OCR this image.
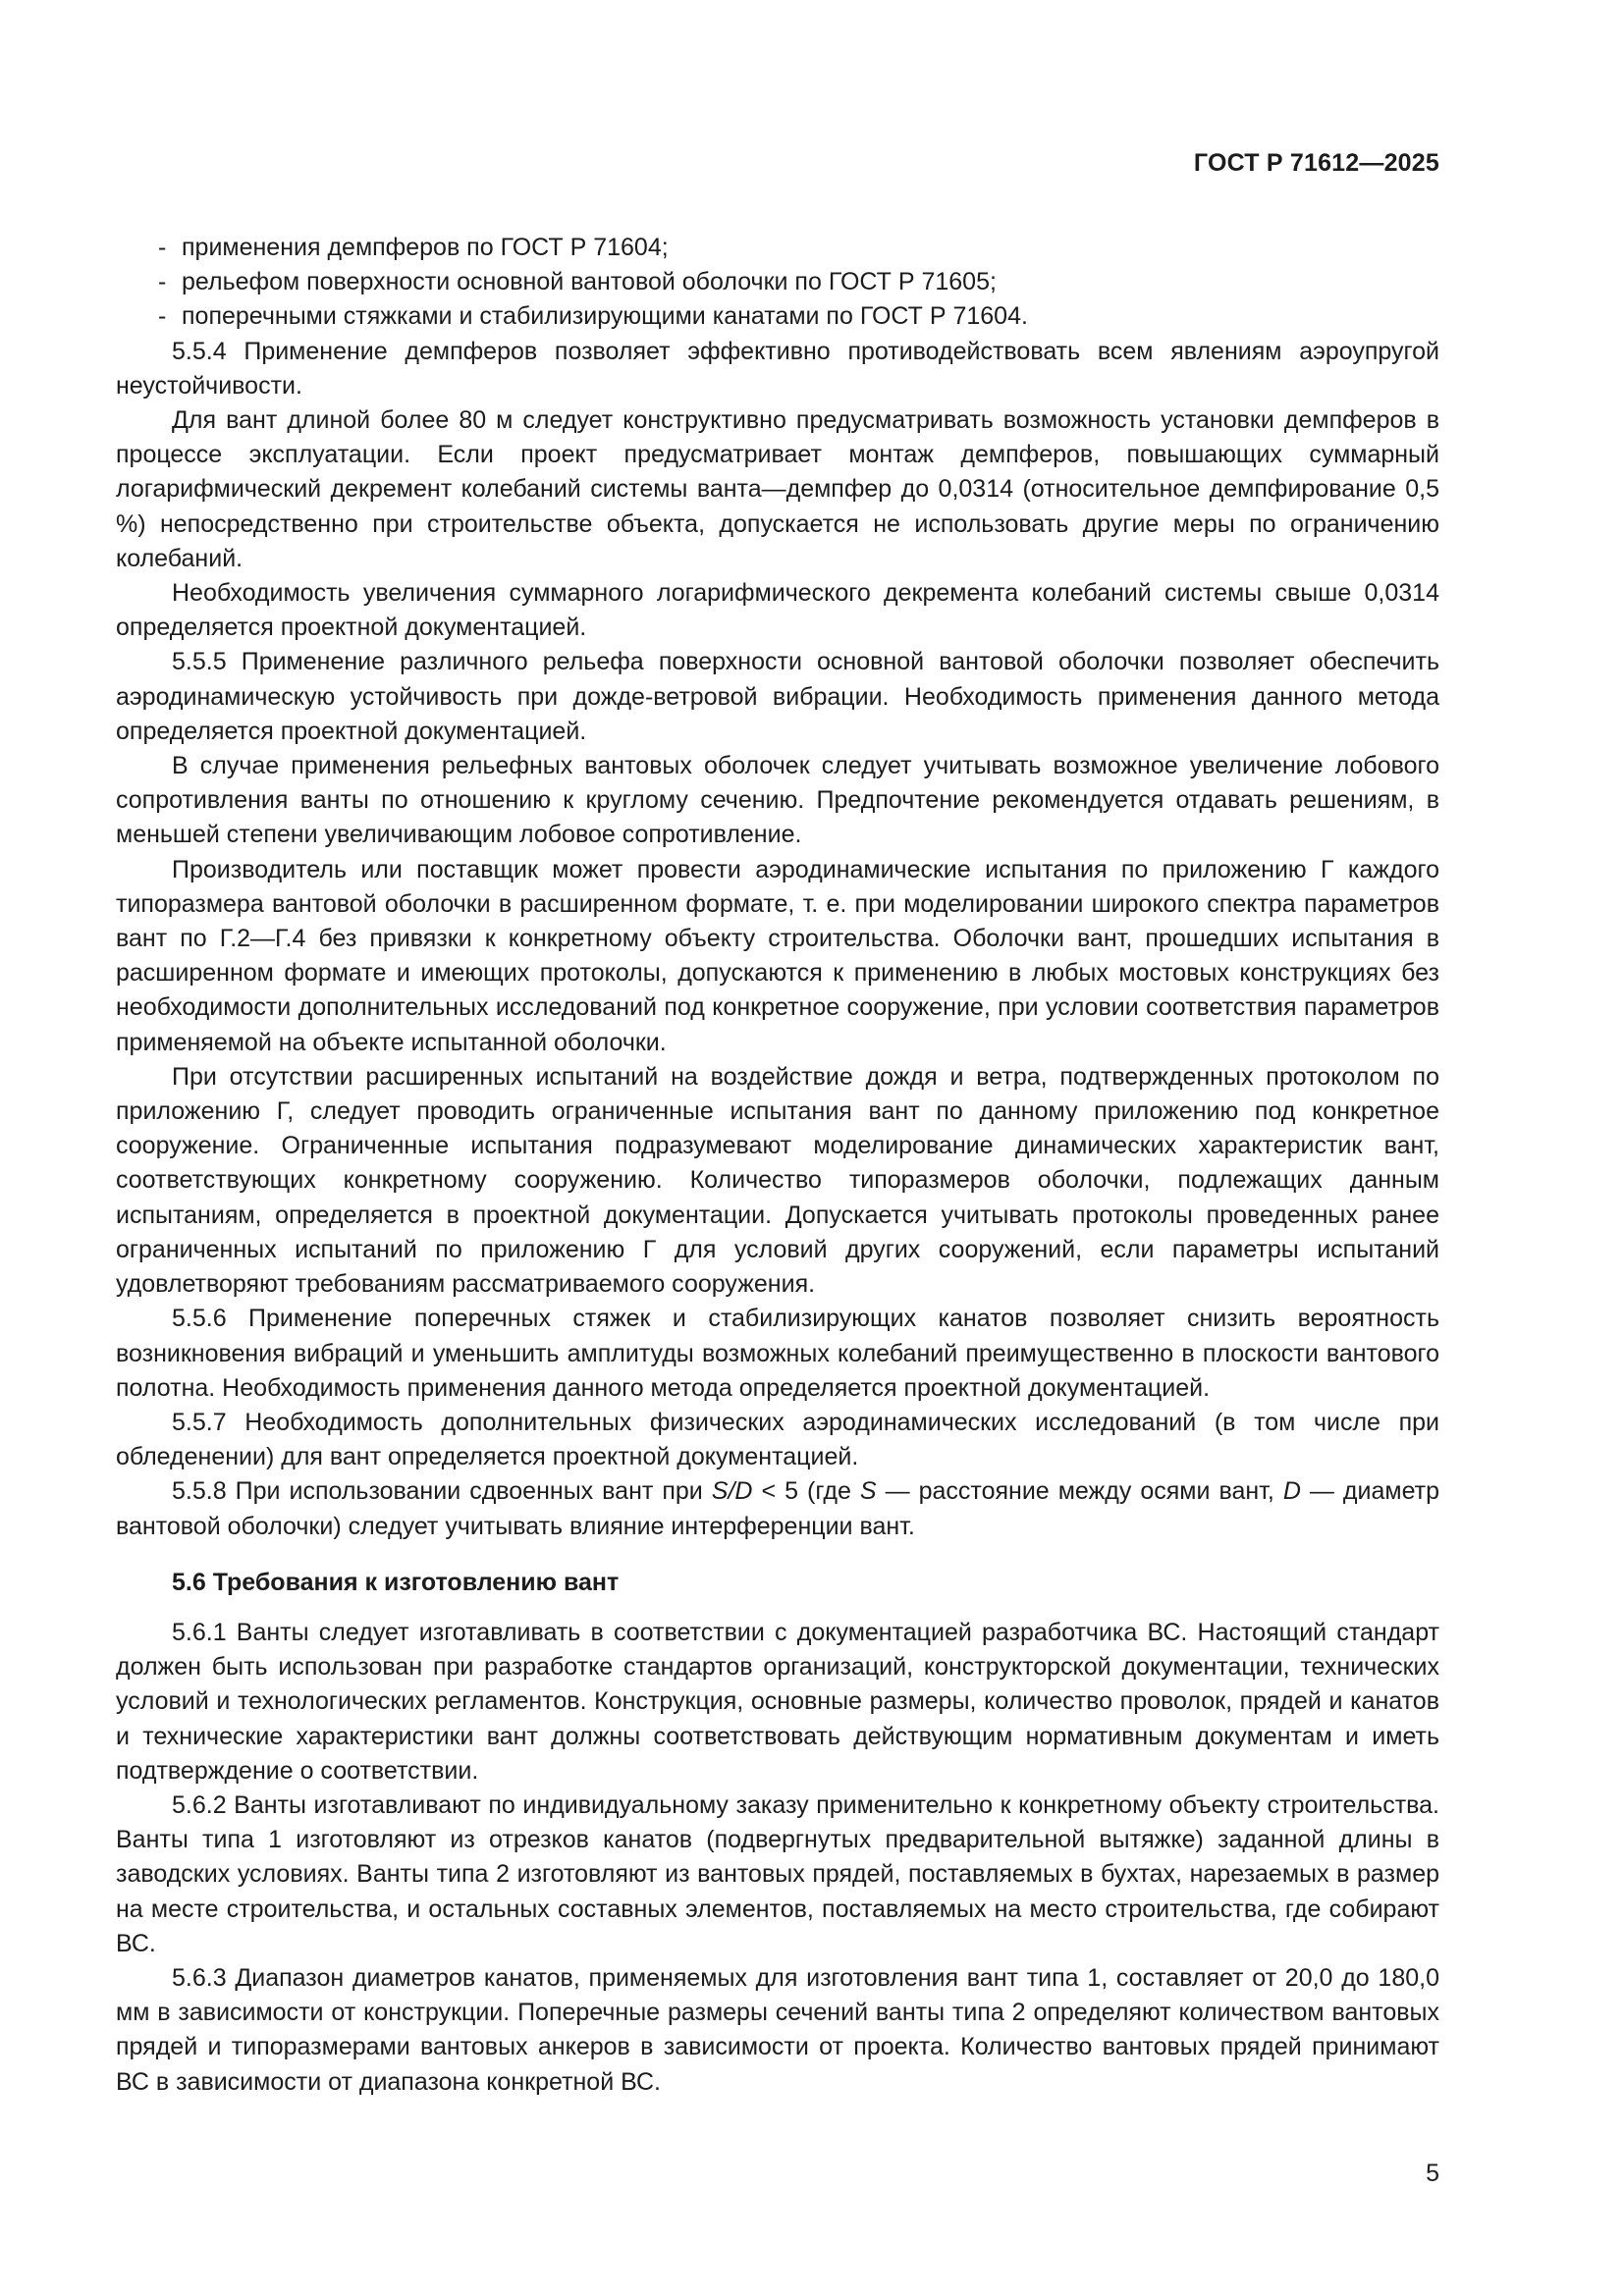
ГОСТ Р 71612—2025

- применения демпферов по ГОСТ Р 71604;

- рельефом поверхности основной вантовой оболочки по ГОСТ Р 71605;

- поперечными стяжками и стабилизирующими канатами по ГОСТ Р 71604.

5.5.4 Применение демпферов позволяет эффективно противодействовать всем явлениям аэроупругой неустойчивости.

Для вант длиной более 80 м следует конструктивно предусматривать возможность установки демпферов в процессе эксплуатации. Если проект предусматривает монтаж демпферов, повышающих суммарный логарифмический декремент колебаний системы ванта—демпфер до 0,0314 (относительное демпфирование 0,5 %) непосредственно при строительстве объекта, допускается не использовать другие меры по ограничению колебаний.

Необходимость увеличения суммарного логарифмического декремента колебаний системы свыше 0,0314 определяется проектной документацией.

5.5.5 Применение различного рельефа поверхности основной вантовой оболочки позволяет обеспечить аэродинамическую устойчивость при дожде-ветровой вибрации. Необходимость применения данного метода определяется проектной документацией.

В случае применения рельефных вантовых оболочек следует учитывать возможное увеличение лобового сопротивления ванты по отношению к круглому сечению. Предпочтение рекомендуется отдавать решениям, в меньшей степени увеличивающим лобовое сопротивление.

Производитель или поставщик может провести аэродинамические испытания по приложению Г каждого типоразмера вантовой оболочки в расширенном формате, т. е. при моделировании широкого спектра параметров вант по Г.2—Г.4 без привязки к конкретному объекту строительства. Оболочки вант, прошедших испытания в расширенном формате и имеющих протоколы, допускаются к применению в любых мостовых конструкциях без необходимости дополнительных исследований под конкретное сооружение, при условии соответствия параметров применяемой на объекте испытанной оболочки.

При отсутствии расширенных испытаний на воздействие дождя и ветра, подтвержденных протоколом по приложению Г, следует проводить ограниченные испытания вант по данному приложению под конкретное сооружение. Ограниченные испытания подразумевают моделирование динамических характеристик вант, соответствующих конкретному сооружению. Количество типоразмеров оболочки, подлежащих данным испытаниям, определяется в проектной документации. Допускается учитывать протоколы проведенных ранее ограниченных испытаний по приложению Г для условий других сооружений, если параметры испытаний удовлетворяют требованиям рассматриваемого сооружения.

5.5.6 Применение поперечных стяжек и стабилизирующих канатов позволяет снизить вероятность возникновения вибраций и уменьшить амплитуды возможных колебаний преимущественно в плоскости вантового полотна. Необходимость применения данного метода определяется проектной документацией.

5.5.7 Необходимость дополнительных физических аэродинамических исследований (в том числе при обледенении) для вант определяется проектной документацией.

5.5.8 При использовании сдвоенных вант при S/D < 5 (где S — расстояние между осями вант, D — диаметр вантовой оболочки) следует учитывать влияние интерференции вант.

5.6 Требования к изготовлению вант

5.6.1 Ванты следует изготавливать в соответствии с документацией разработчика ВС. Настоящий стандарт должен быть использован при разработке стандартов организаций, конструкторской документации, технических условий и технологических регламентов. Конструкция, основные размеры, количество проволок, прядей и канатов и технические характеристики вант должны соответствовать действующим нормативным документам и иметь подтверждение о соответствии.

5.6.2 Ванты изготавливают по индивидуальному заказу применительно к конкретному объекту строительства. Ванты типа 1 изготовляют из отрезков канатов (подвергнутых предварительной вытяжке) заданной длины в заводских условиях. Ванты типа 2 изготовляют из вантовых прядей, поставляемых в бухтах, нарезаемых в размер на месте строительства, и остальных составных элементов, поставляемых на место строительства, где собирают ВС.

5.6.3 Диапазон диаметров канатов, применяемых для изготовления вант типа 1, составляет от 20,0 до 180,0 мм в зависимости от конструкции. Поперечные размеры сечений ванты типа 2 определяют количеством вантовых прядей и типоразмерами вантовых анкеров в зависимости от проекта. Количество вантовых прядей принимают ВС в зависимости от диапазона конкретной ВС.

5
